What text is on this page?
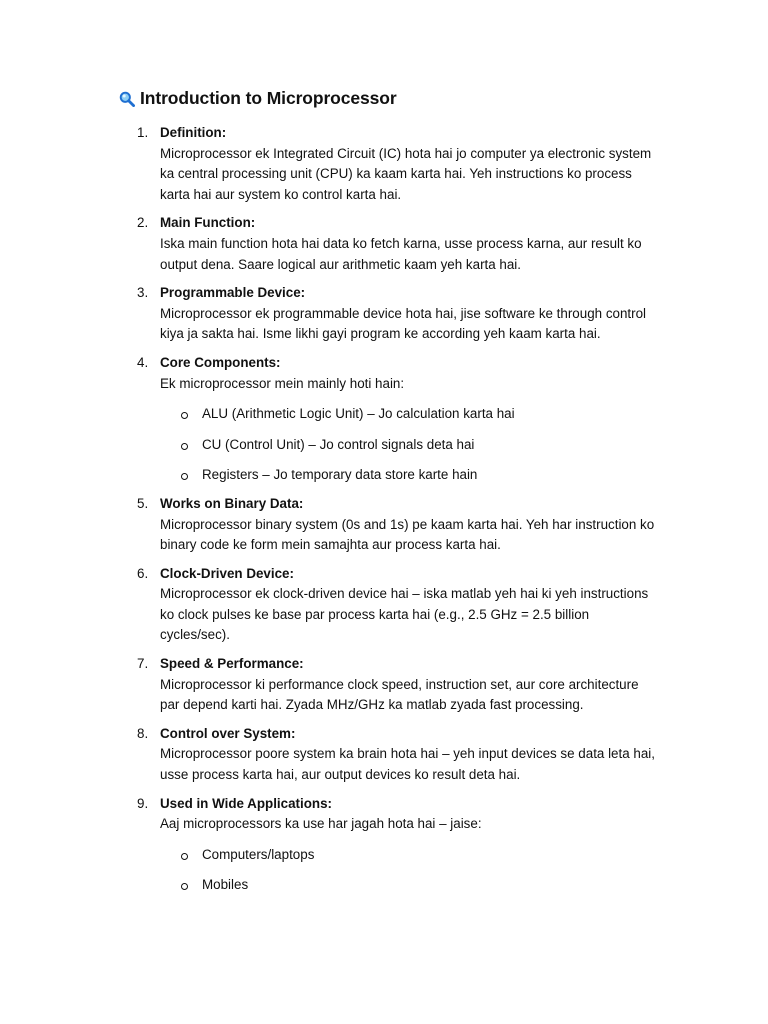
Introduction to Microprocessor
1. Definition:
Microprocessor ek Integrated Circuit (IC) hota hai jo computer ya electronic system ka central processing unit (CPU) ka kaam karta hai. Yeh instructions ko process karta hai aur system ko control karta hai.
2. Main Function:
Iska main function hota hai data ko fetch karna, usse process karna, aur result ko output dena. Saare logical aur arithmetic kaam yeh karta hai.
3. Programmable Device:
Microprocessor ek programmable device hota hai, jise software ke through control kiya ja sakta hai. Isme likhi gayi program ke according yeh kaam karta hai.
4. Core Components:
Ek microprocessor mein mainly hoti hain:
ALU (Arithmetic Logic Unit) – Jo calculation karta hai
CU (Control Unit) – Jo control signals deta hai
Registers – Jo temporary data store karte hain
5. Works on Binary Data:
Microprocessor binary system (0s and 1s) pe kaam karta hai. Yeh har instruction ko binary code ke form mein samajhta aur process karta hai.
6. Clock-Driven Device:
Microprocessor ek clock-driven device hai – iska matlab yeh hai ki yeh instructions ko clock pulses ke base par process karta hai (e.g., 2.5 GHz = 2.5 billion cycles/sec).
7. Speed & Performance:
Microprocessor ki performance clock speed, instruction set, aur core architecture par depend karti hai. Zyada MHz/GHz ka matlab zyada fast processing.
8. Control over System:
Microprocessor poore system ka brain hota hai – yeh input devices se data leta hai, usse process karta hai, aur output devices ko result deta hai.
9. Used in Wide Applications:
Aaj microprocessors ka use har jagah hota hai – jaise:
Computers/laptops
Mobiles
